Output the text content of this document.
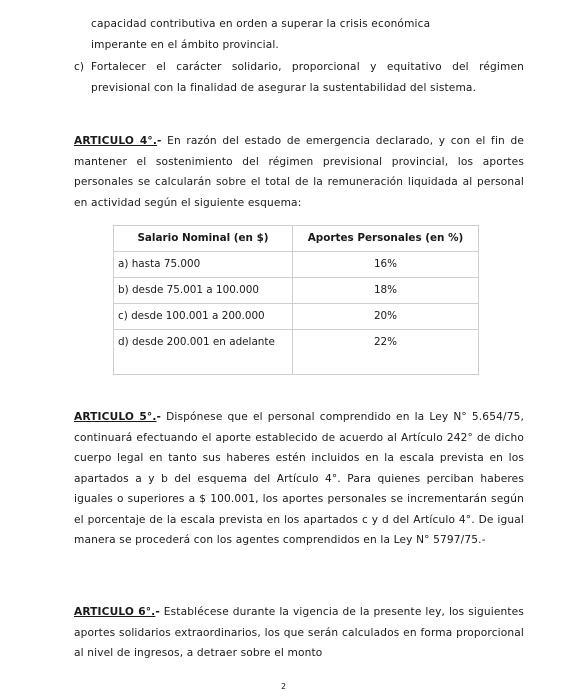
capacidad contributiva en orden a superar la crisis económica
imperante en el ámbito provincial.
c) Fortalecer el carácter solidario, proporcional y equitativo del régimen previsional con la finalidad de asegurar la sustentabilidad del sistema.
ARTICULO 4°.- En razón del estado de emergencia declarado, y con el fin de mantener el sostenimiento del régimen previsional provincial, los aportes personales se calcularán sobre el total de la remuneración liquidada al personal en actividad según el siguiente esquema:
Salario Nominal (en $)	Aportes Personales (en %)
a) hasta 75.000	16%
b) desde 75.001 a 100.000	18%
c) desde 100.001 a 200.000	20%
d) desde 200.001 en adelante	22%
ARTICULO 5°.- Dispónese que el personal comprendido en la Ley N° 5.654/75, continuará efectuando el aporte establecido de acuerdo al Artículo 242° de dicho cuerpo legal en tanto sus haberes estén incluidos en la escala prevista en los apartados a y b del esquema del Artículo 4°. Para quienes perciban haberes iguales o superiores a $ 100.001, los aportes personales se incrementarán según el porcentaje de la escala prevista en los apartados c y d del Artículo 4°. De igual manera se procederá con los agentes comprendidos en la Ley N° 5797/75.-
ARTICULO 6°.- Establécese durante la vigencia de la presente ley, los siguientes aportes solidarios extraordinarios, los que serán calculados en forma proporcional al nivel de ingresos, a detraer sobre el monto
2
